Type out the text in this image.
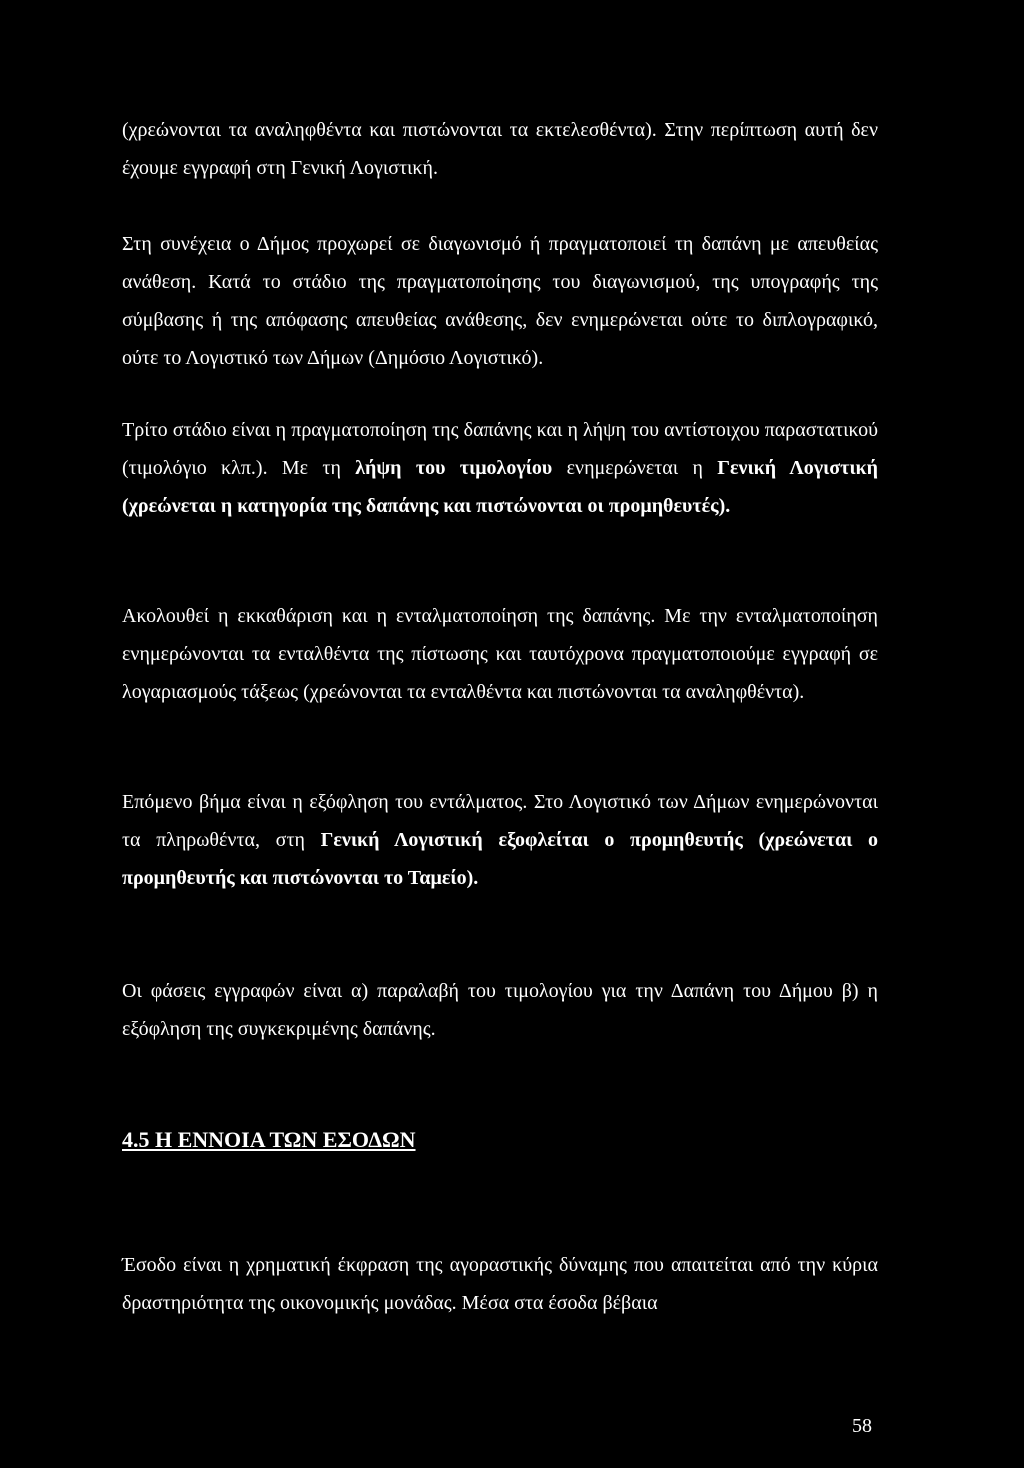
(χρεώνονται τα αναληφθέντα και πιστώνονται τα εκτελεσθέντα). Στην περίπτωση αυτή δεν έχουμε εγγραφή στη Γενική Λογιστική.

Στη συνέχεια ο Δήμος προχωρεί σε διαγωνισμό ή πραγματοποιεί τη δαπάνη με απευθείας ανάθεση. Κατά το στάδιο της πραγματοποίησης του διαγωνισμού, της υπογραφής της σύμβασης ή της απόφασης απευθείας ανάθεσης, δεν ενημερώνεται ούτε το διπλογραφικό, ούτε το Λογιστικό των Δήμων (Δημόσιο Λογιστικό).

Τρίτο στάδιο είναι η πραγματοποίηση της δαπάνης και η λήψη του αντίστοιχου παραστατικού (τιμολόγιο κλπ.). Με τη λήψη του τιμολογίου ενημερώνεται η Γενική Λογιστική (χρεώνεται η κατηγορία της δαπάνης και πιστώνονται οι προμηθευτές).

Ακολουθεί η εκκαθάριση και η ενταλματοποίηση της δαπάνης. Με την ενταλματοποίηση ενημερώνονται τα ενταλθέντα της πίστωσης και ταυτόχρονα πραγματοποιούμε εγγραφή σε λογαριασμούς τάξεως (χρεώνονται τα ενταλθέντα και πιστώνονται τα αναληφθέντα).

Επόμενο βήμα είναι η εξόφληση του εντάλματος. Στο Λογιστικό των Δήμων ενημερώνονται τα πληρωθέντα, στη Γενική Λογιστική εξοφλείται ο προμηθευτής (χρεώνεται ο προμηθευτής και πιστώνονται το Ταμείο).

Οι φάσεις εγγραφών είναι α) παραλαβή του τιμολογίου για την Δαπάνη του Δήμου β) η εξόφληση της συγκεκριμένης δαπάνης.

4.5 Η ΕΝΝΟΙΑ ΤΩΝ ΕΣΟΔΩΝ

Έσοδο είναι η χρηματική έκφραση της αγοραστικής δύναμης που απαιτείται από την κύρια δραστηριότητα της οικονομικής μονάδας. Μέσα στα έσοδα βέβαια

58
